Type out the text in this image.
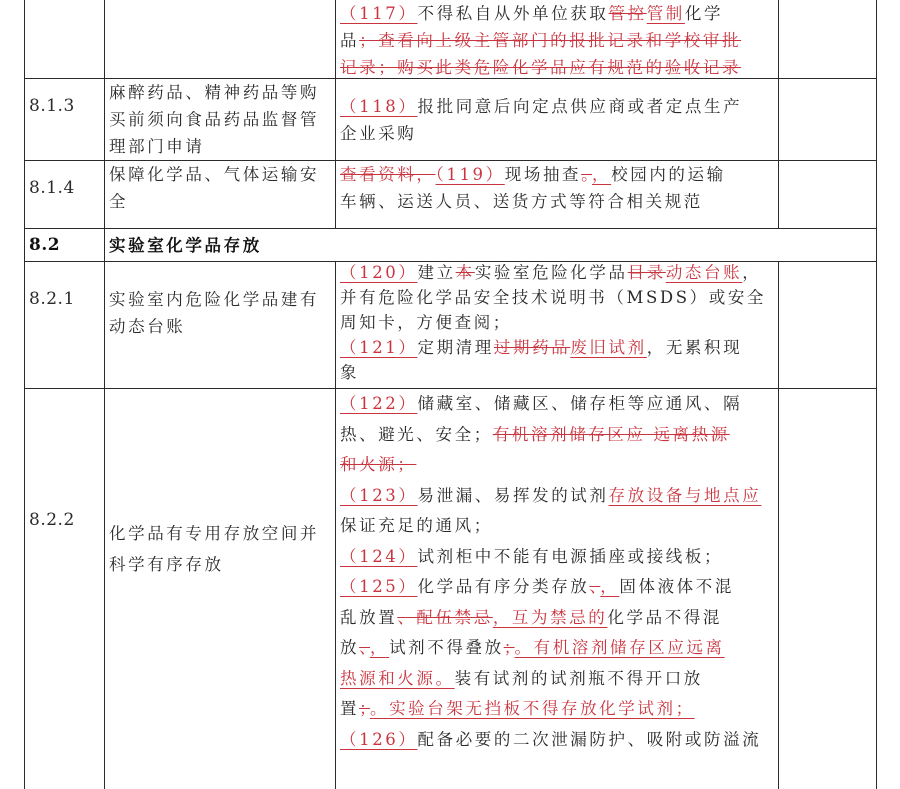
（117）不得私自从外单位获取管控管制化学
品；查看向上级主管部门的报批记录和学校审批
记录；购买此类危险化学品应有规范的验收记录
8.1.3
麻醉药品、精神药品等购
买前须向食品药品监督管
理部门申请
（118）报批同意后向定点供应商或者定点生产
企业采购
8.1.4
保障化学品、气体运输安
全
查看资料，（119）现场抽查。，校园内的运输
车辆、运送人员、送货方式等符合相关规范
8.2	实验室化学品存放
8.2.1	实验室内危险化学品建有
动态台账
（120）建立本实验室危险化学品目录动态台账，
并有危险化学品安全技术说明书（MSDS）或安全
周知卡，方便查阅；
（121）定期清理过期药品废旧试剂，无累积现
象
8.2.2
化学品有专用存放空间并
科学有序存放
（122）储藏室、储藏区、储存柜等应通风、隔
热、避光、安全；有机溶剂储存区应 远离热源
和火源；
（123）易泄漏、易挥发的试剂存放设备与地点应
保证充足的通风；
（124）试剂柜中不能有电源插座或接线板；
（125）化学品有序分类存放、，固体液体不混
乱放置、配伍禁忌，互为禁忌的化学品不得混
放、，试剂不得叠放；。有机溶剂储存区应远离
热源和火源。装有试剂的试剂瓶不得开口放
置；。实验台架无挡板不得存放化学试剂；
（126）配备必要的二次泄漏防护、吸附或防溢流
